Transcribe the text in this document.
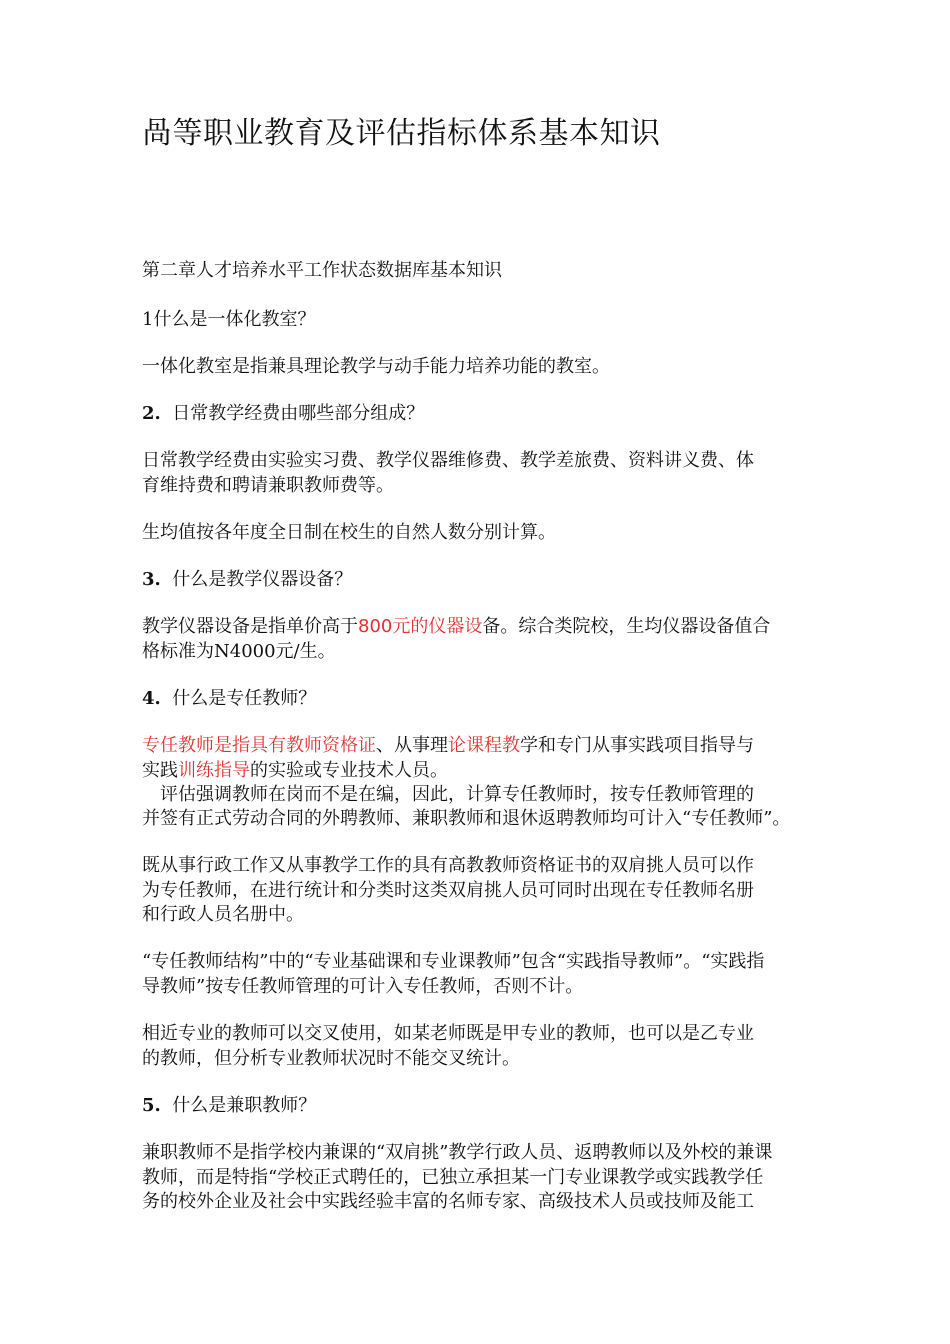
咼等职业教育及评估指标体系基本知识

第二章人才培养水平工作状态数据库基本知识

1什么是一体化教室？

一体化教室是指兼具理论教学与动手能力培养功能的教室。

2. 日常教学经费由哪些部分组成？

日常教学经费由实验实习费、教学仪器维修费、教学差旅费、资料讲义费、体

育维持费和聘请兼职教师费等。

生均值按各年度全日制在校生的自然人数分别计算。

3. 什么是教学仪器设备？

教学仪器设备是指单价高于800元的仪器设备。综合类院校，生均仪器设备值合

格标准为N4000元/生。

4. 什么是专任教师？

专任教师是指具有教师资格证、从事理论课程教学和专门从事实践项目指导与

实践训练指导的实验或专业技术人员。

评估强调教师在岗而不是在编，因此，计算专任教师时，按专任教师管理的

并签有正式劳动合同的外聘教师、兼职教师和退休返聘教师均可计入“专任教师”。

既从事行政工作又从事教学工作的具有高教教师资格证书的双肩挑人员可以作

为专任教师，在进行统计和分类时这类双肩挑人员可同时出现在专任教师名册

和行政人员名册中。

“专任教师结构”中的“专业基础课和专业课教师”包含“实践指导教师”。“实践指

导教师”按专任教师管理的可计入专任教师，否则不计。

相近专业的教师可以交叉使用，如某老师既是甲专业的教师，也可以是乙专业

的教师，但分析专业教师状况时不能交叉统计。

5. 什么是兼职教师？

兼职教师不是指学校内兼课的“双肩挑”教学行政人员、返聘教师以及外校的兼课

教师，而是特指“学校正式聘任的，已独立承担某一门专业课教学或实践教学任

务的校外企业及社会中实践经验丰富的名师专家、高级技术人员或技师及能工
